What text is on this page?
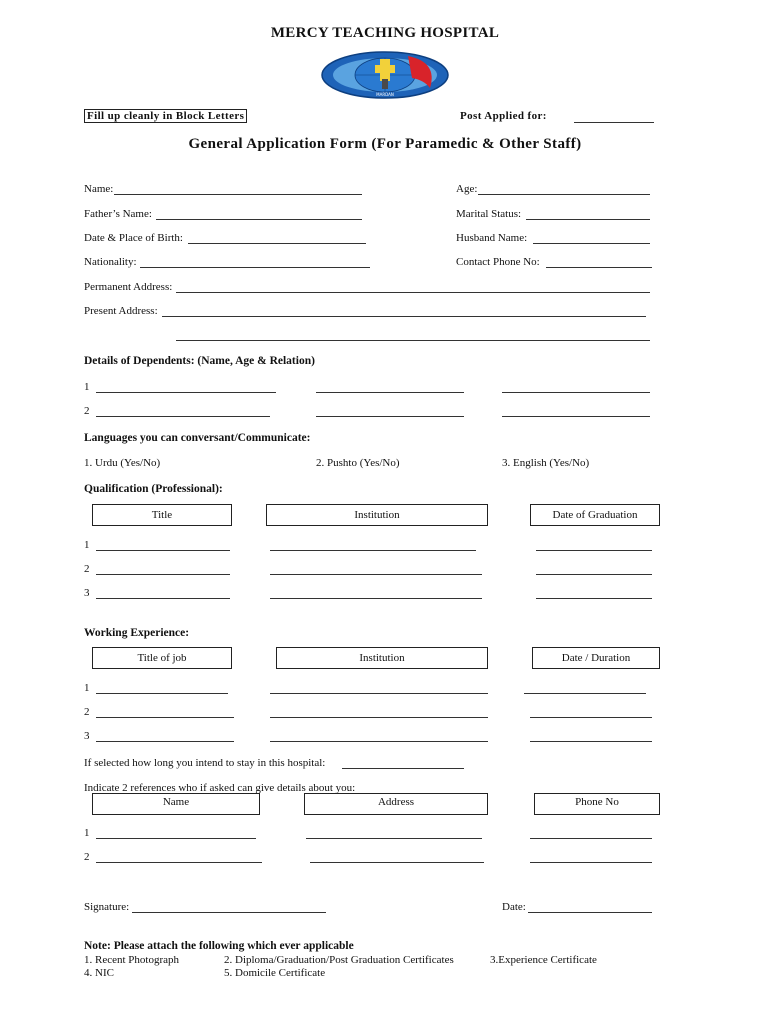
MERCY TEACHING HOSPITAL
MARDAN
Fill up cleanly in Block Letters	Post Applied for:
General Application Form (For Paramedic & Other Staff)
Name:	Age:
Father’s Name:	Marital Status:
Date & Place of Birth:	Husband Name:
Nationality:	Contact Phone No:
Permanent Address:
Present Address:
Details of Dependents: (Name, Age & Relation)
1
2
Languages you can conversant/Communicate:
1. Urdu (Yes/No)	2. Pushto (Yes/No)	3. English (Yes/No)
Qualification (Professional):
Title	Institution	Date of Graduation
1
2
3
Working Experience:
Title of job	Institution	Date / Duration
1
2
3
If selected how long you intend to stay in this hospital:
Indicate 2 references who if asked can give details about you:
Name	Address	Phone No
1
2
Signature:	Date:
Note: Please attach the following which ever applicable
1. Recent Photograph	2. Diploma/Graduation/Post Graduation Certificates	3.Experience Certificate
4. NIC	5. Domicile Certificate
